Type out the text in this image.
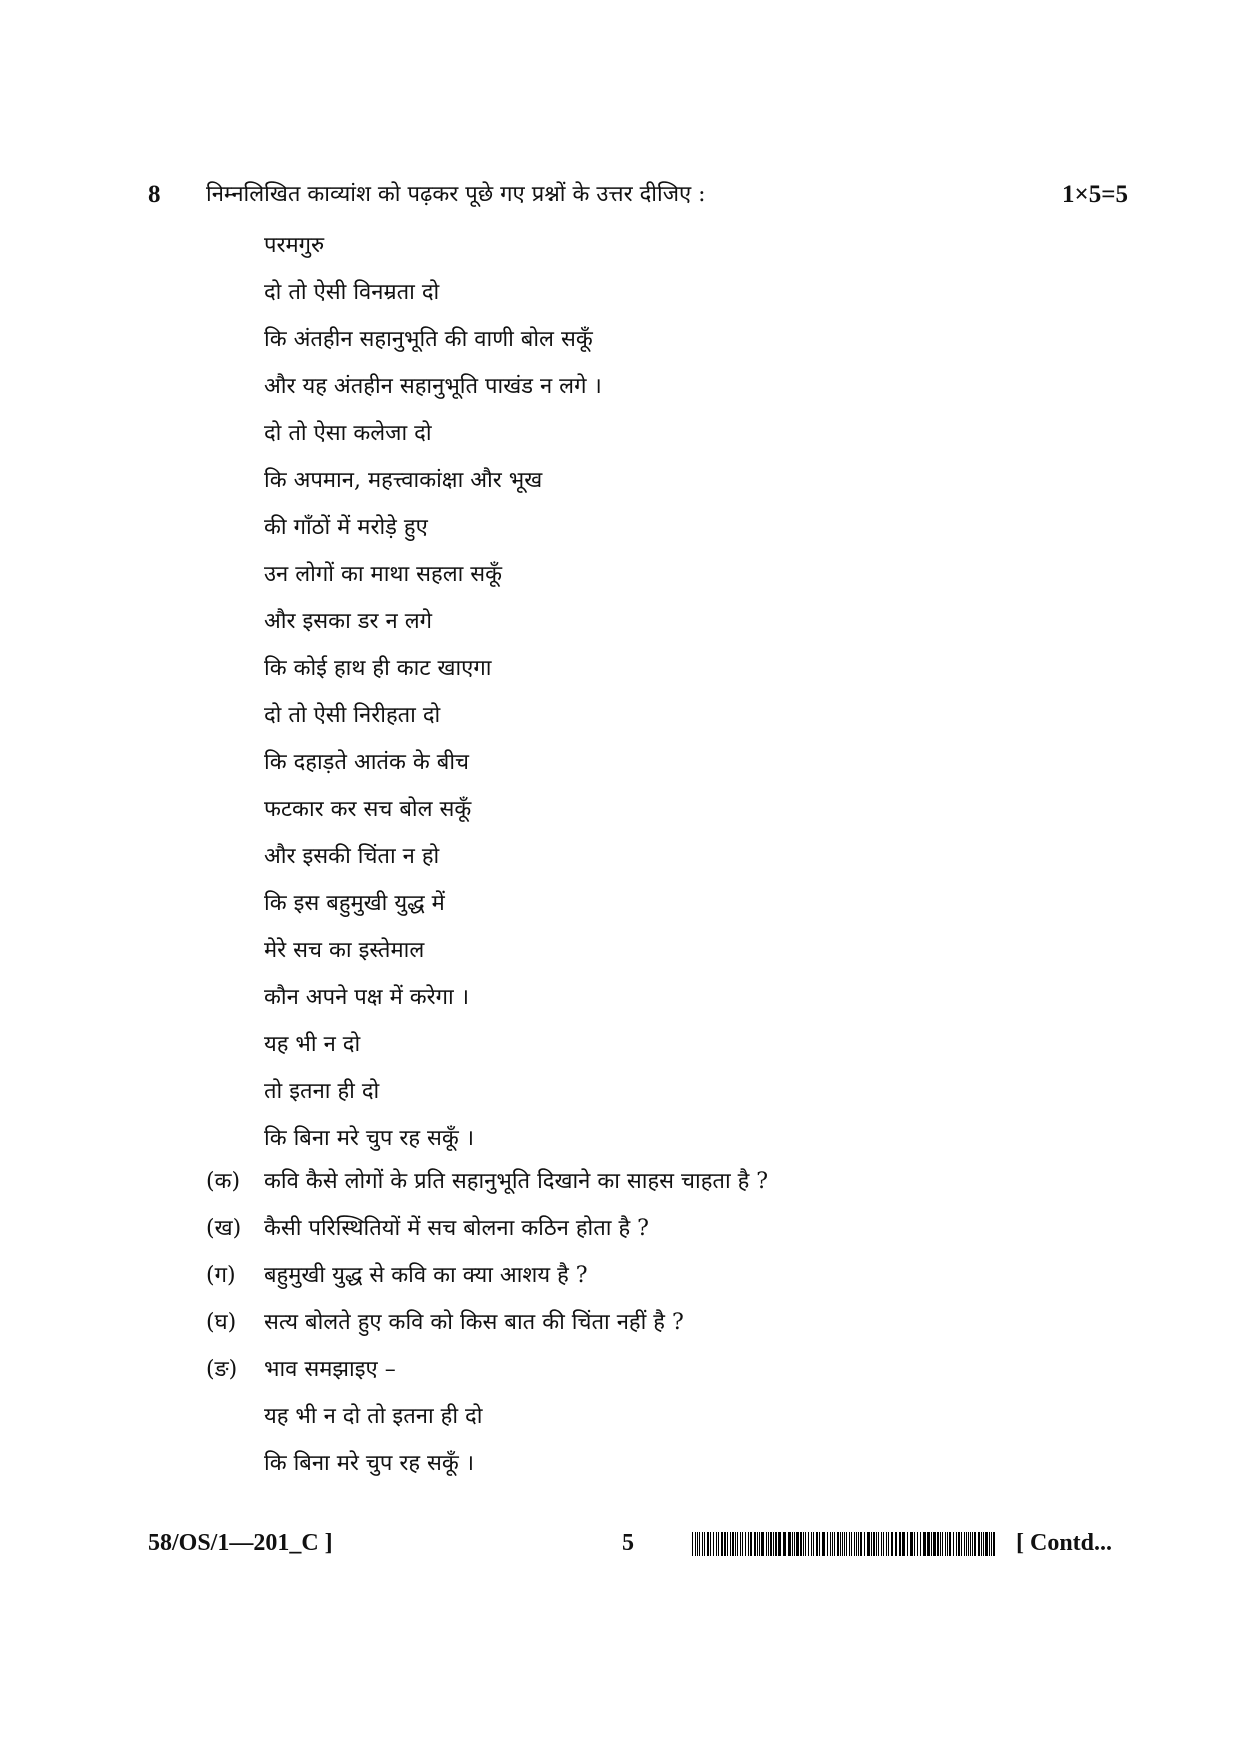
8 निम्नलिखित काव्यांश को पढ़कर पूछे गए प्रश्नों के उत्तर दीजिए :	1×5=5
परमगुरु
दो तो ऐसी विनम्रता दो
कि अंतहीन सहानुभूति की वाणी बोल सकूँ
और यह अंतहीन सहानुभूति पाखंड न लगे ।
दो तो ऐसा कलेजा दो
कि अपमान, महत्त्वाकांक्षा और भूख
की गाँठों में मरोड़े हुए
उन लोगों का माथा सहला सकूँ
और इसका डर न लगे
कि कोई हाथ ही काट खाएगा
दो तो ऐसी निरीहता दो
कि दहाड़ते आतंक के बीच
फटकार कर सच बोल सकूँ
और इसकी चिंता न हो
कि इस बहुमुखी युद्ध में
मेरे सच का इस्तेमाल
कौन अपने पक्ष में करेगा ।
यह भी न दो
तो इतना ही दो
कि बिना मरे चुप रह सकूँ ।
(क) कवि कैसे लोगों के प्रति सहानुभूति दिखाने का साहस चाहता है ?
(ख) कैसी परिस्थितियों में सच बोलना कठिन होता है ?
(ग) बहुमुखी युद्ध से कवि का क्या आशय है ?
(घ) सत्य बोलते हुए कवि को किस बात की चिंता नहीं है ?
(ङ) भाव समझाइए –
यह भी न दो तो इतना ही दो
कि बिना मरे चुप रह सकूँ ।
58/OS/1—201_C ]	5	[ Contd...
